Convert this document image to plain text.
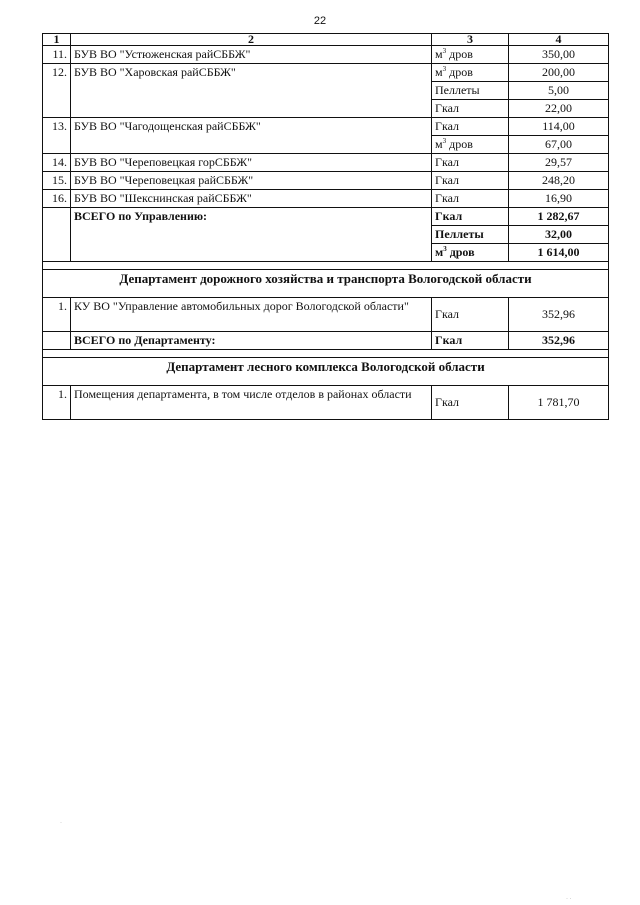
22
1	2	3	4
11.	БУВ ВО "Устюженская райСББЖ"	$м^3$ дров	350,00
12.	БУВ ВО "Харовская райСББЖ"	$м^3$ дров	200,00
		Пеллеты	5,00
		Гкал	22,00
13.	БУВ ВО "Чагодощенская райСББЖ"	Гкал	114,00
		$м^3$ дров	67,00
14.	БУВ ВО "Череповецкая горСББЖ"	Гкал	29,57
15.	БУВ ВО "Череповецкая райСББЖ"	Гкал	248,20
16.	БУВ ВО "Шекснинская райСББЖ"	Гкал	16,90
	ВСЕГО по Управлению:	Гкал	1 282,67
		Пеллеты	32,00
		$м^3$ дров	1 614,00

Департамент дорожного хозяйства и транспорта Вологодской области			
1.	КУ ВО "Управление автомобильных дорог Вологодской области"	Гкал	352,96
	ВСЕГО по Департаменту:	Гкал	352,96

Департамент лесного комплекса Вологодской области			
1.	Помещения департамента, в том числе отделов в районах области	Гкал	1 781,70
·
· ·
